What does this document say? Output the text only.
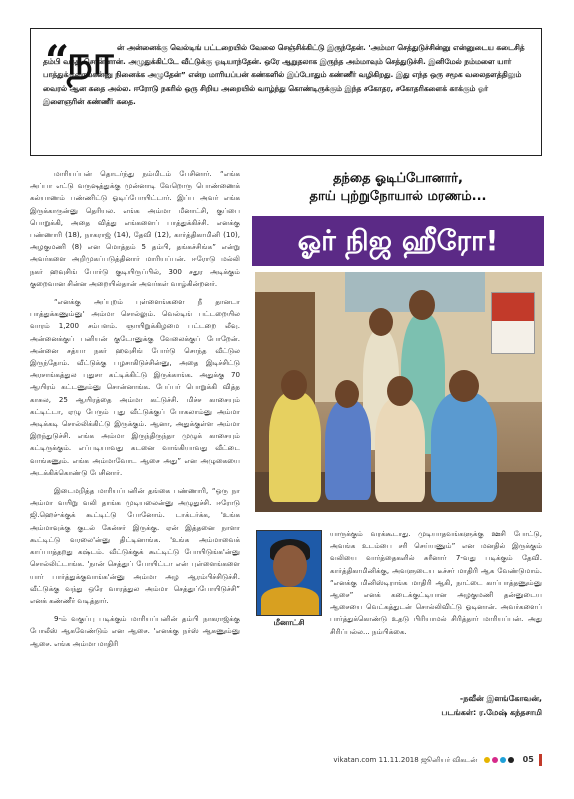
“
நா ன் அன்னைக்கு வெல்டிங் பட்டறையில் வேலை செஞ்சிக்கிட்டு இருந்தேன். 'அம்மா செத்துடுச்சின்னு என்னுடைய கடைசித் தம்பி வந்து சொன்னான். அழுதுக்கிட்டே வீட்டுக்கு ஓடியாந்தேன். ஒரே ஆறுதலாக இருந்த அம்மாவும் செத்துடுச்சி. இனிமேல் நம்மளை யார் பாத்துக்குவாங்கன்னு நினைக்க அழுதேன்” என்ற மாரியப்பன் கண்களில் இப்போதும் கண்ணீர் வழிகிறது. இது எந்த ஒரு சமூக வலைதளத்திலும் வைரல் ஆன கதை அல்ல. ஈரோடு நகரில் ஒரு சிறிய அறையில் வாழ்ந்து கொண்டிருக்கும் இந்த சகோதர, சகோதரிகளைக் காக்கும் ஓர் இளைஞரின் கண்ணீர் கதை.

மாரியப்பன் தொடர்ந்து நம்மிடம் பேசினார். “எங்க அப்பா எட்டு வருஷத்துக்கு முன்னாடி வேறொரு பொண்ணைக் கல்யாணம் பண்ணிட்டு ஓடிப்போயிட்டார். இப்ப அவர் எங்க இருக்காருன்னு தெரியல. எங்க அம்மா மீனாட்சி, குப்பை பொறுக்கி, அதை வித்து எங்களைப் பாத்துக்கிச்சி. எனக்கு பண்ணாரி (18), நாகராஜ் (14), தேவி (12), கார்த்திகாமினி (10), அழகுமணி (8) என மொத்தம் 5 தம்பி, தங்கச்சிங்க” என்று அவர்களை அறிமுகப்படுத்தினார் மாரியப்பன். ஈரோடு மல்லி நகர் ஹவுசிங் போர்டு குடியிருப்பில், 300 சதுர அடிக்கும் குறைவான சின்ன அறையில்தான் அவர்கள் வாழ்கின்றனர்.

“எனக்கு அப்புறம் புள்ளைங்களை நீ தானடா பாத்துக்கணும்னு' அம்மா சொல்லும். வெல்டிங் பட்டறையில வாரம் 1,200 சம்பளம். ஞாயிறுக்கிழமை பட்டறை லீவு. அன்னைக்குப் பனியன் குடோனுக்கு வேலைக்குப் போறேன். அன்னை சத்யா நகர் ஹவுசிங் போர்டு சொந்த வீட்டுல இருந்தோம். வீட்டுக்கு பழசாகிடுச்சின்னு, அதை இடிச்சிட்டு அரசாங்கத்துல புதுசா கட்டிக்கிட்டு இருக்காங்க. அதுக்கு 70 ஆயிரம் கட்டணும்னு சொன்னாங்க. பேப்பர் பொறுக்கி வித்த காசுல, 25 ஆயிரத்தை அம்மா கட்டுச்சி. மிச்ச காசையும் கட்டிட்டா, ஏழு பேரும் புது வீட்டுக்குப் போகலாம்னு அம்மா அடிக்கடி சொல்லிக்கிட்டு இருக்கும். ஆனா, அதுக்குள்ள அம்மா இறந்துடுச்சி. எங்க அம்மா இருந்திருந்தா முழுக் காசையும் கட்டிருக்கும். எப்படியாவது கடனை வாங்கியாவது வீட்டை வாங்கணும். எங்க அம்மாவோட ஆசை அது” என அழுகையை அடக்கிக்கொண்டு பேசினார்.

இடைமறித்த மாரியப்பனின் தங்கை பண்ணாரி, “ஒரு நா அம்மா வயிறு வலி தாங்க முடியலைன்னு அழுதுச்சி. ஈரோடு ஜி.ஹெச்-க்குக் கூட்டிட்டு போனோம். டாக்டர்க்க, 'உங்க அம்மாவுக்கு குடல் கேன்சர் இருக்கு. ஏன் இத்தனை நாளா கூட்டிட்டு வரலை'ன்னு திட்டினாங்க. 'உங்க அம்மாவைக் காப்பாத்தறது கஷ்டம். வீட்டுக்குக் கூட்டிட்டு போயிடுங்க'ன்னு சொல்லிட்டாங்க. 'நான் செத்துப் போயிட்டா என் புள்ளைங்களை யார் பார்த்துக்குவாங்க'ன்னு அம்மா அழ ஆரம்பிச்சிடுச்சி. வீட்டுக்கு வந்து ஒரே வாரத்துல அம்மா செத்துப்போயிடுச்சி” எனக் கண்ணீர் வடித்தார்.

9-ம் வகுப்பு படிக்கும் மாரியப்பனின் தம்பி நாகராஜ்க்கு போலீஸ் ஆகவேண்டும் என ஆசை. 'எனக்கு நர்ஸ் ஆகணும்னு ஆசை. எங்க அம்மா மாதிரி

தந்தை ஓடிப்போனார்,
தாய் புற்றுநோயால் மரணம்...
ஓர் நிஜ ஹீரோ!
மீனாட்சி

யாருக்கும் வரக்கூடாது. முடியாதவங்களுக்கு ஊசி போட்டு, அவங்க உடம்பை சரி செய்யணும்” என மனதில் இருக்கும் வலியை வார்த்தைகளில் சுரீனார் 7-வது படிக்கும் தேவி. கார்த்திகாமினிக்கு, அவளுடைய டீச்சர் மாதிரி ஆக வேண்டுமாம். “எனக்கு மினிஸ்டிராங்க மாதிரி ஆகி, நாட்டை காப்பாத்தணும்னு ஆசை” எனக் கடைக்குட்டியான அழகுமணி தன்னுடைய ஆசையை வெட்கத்துடன் சொல்லிவிட்டு ஓடினான். அவர்களைப் பார்த்துக்கொண்டு உதடு பிரியாமல் சிரித்தார் மாரியப்பன். அது சிரிப்பல்ல... நம்பிக்கை.

-நவீன் இளங்கோவன்,
படங்கள்: ர.மேஷ் கந்தசாமி
vikatan.com 11.11.2018 ஜூனியர் விகடன்	05
